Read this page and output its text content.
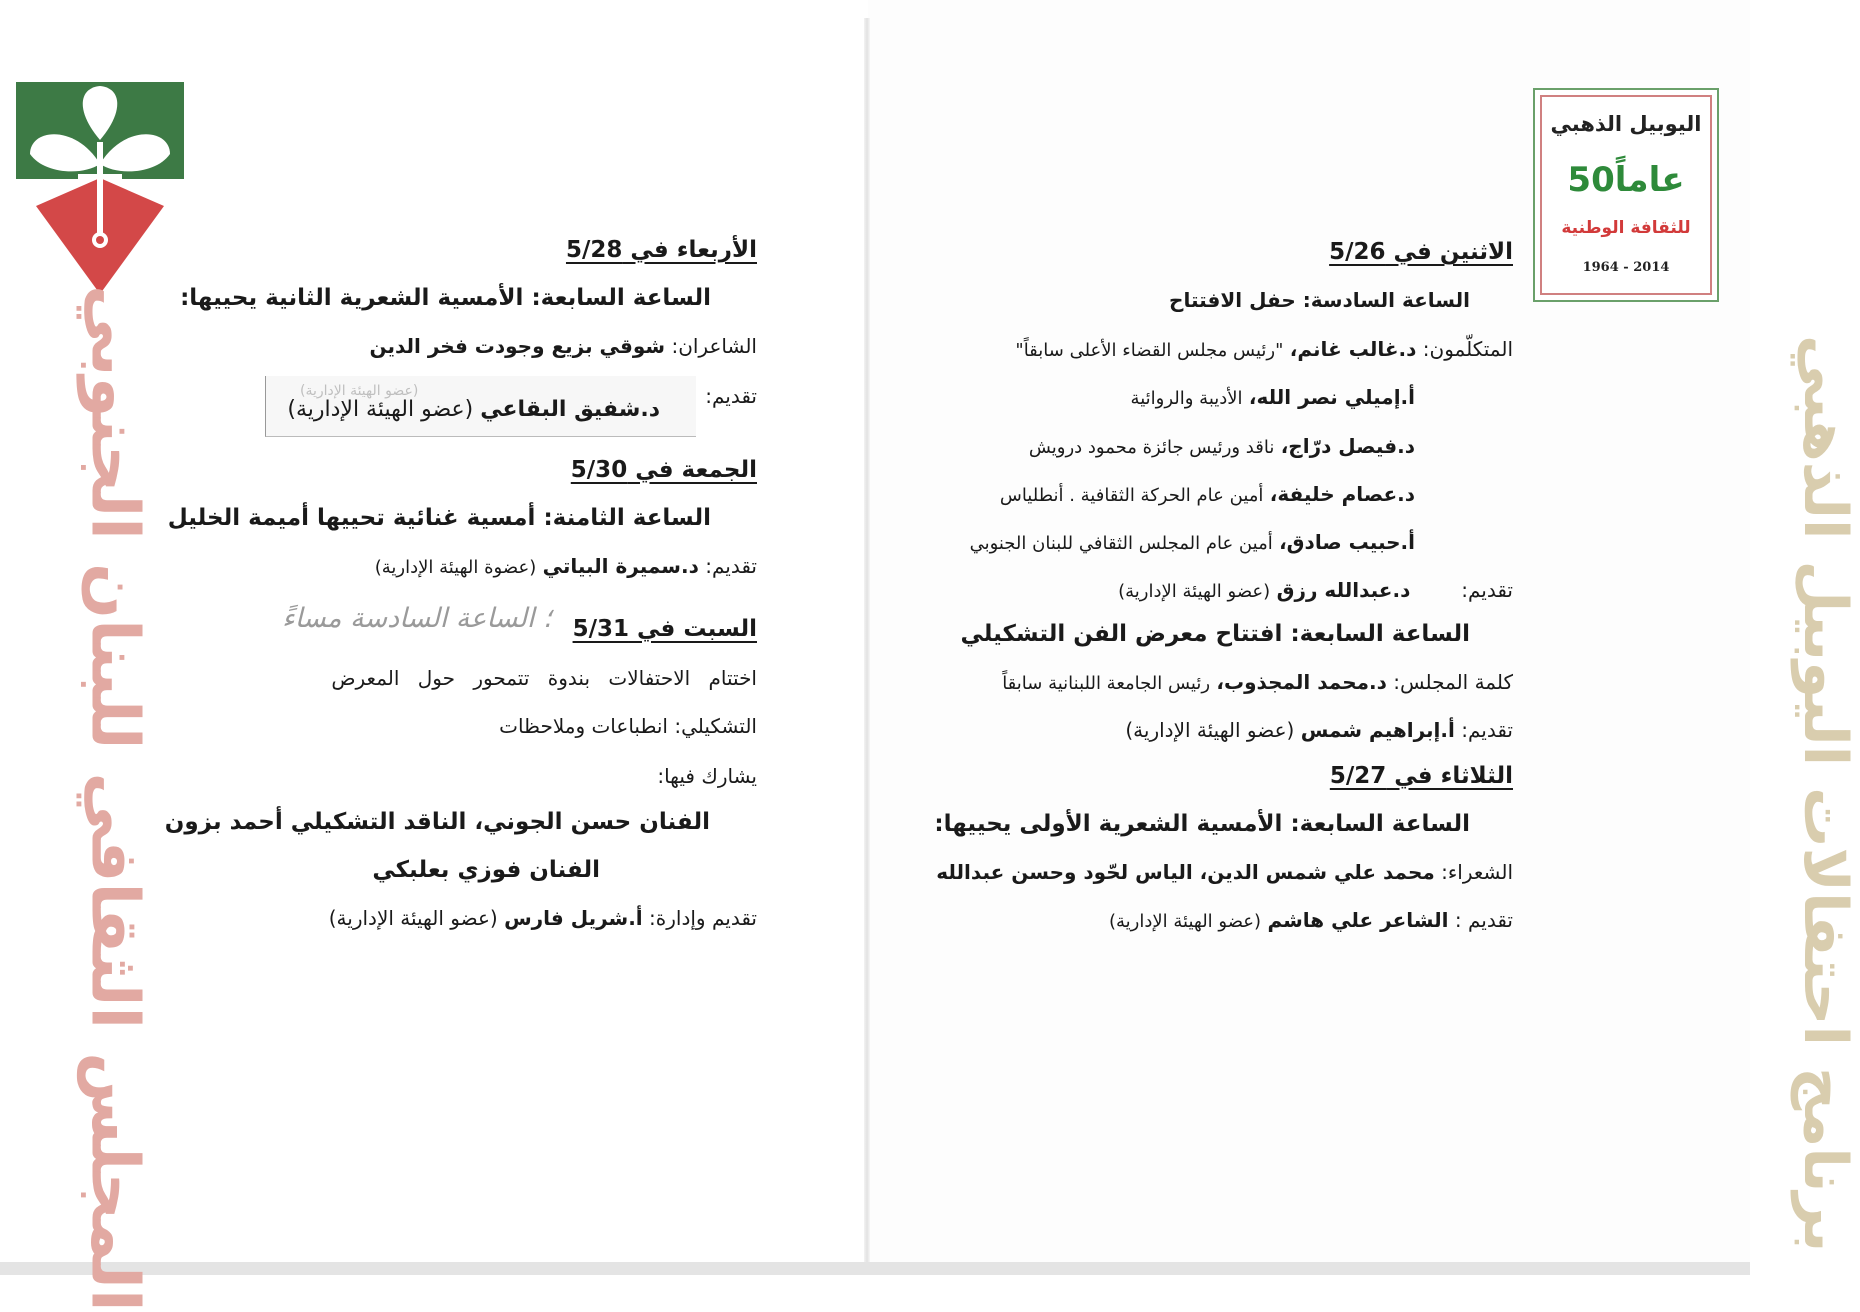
المجلس الثقافي للبنان الجنوبي	برنامج احتفالات اليوبيل الذهبي
اليوبيل الذهبي
50عاماً
للثقافة الوطنية
1964 - 2014
الاثنين في 5/26
الساعة السادسة: حفل الافتتاح
المتكلّمون: د.غالب غانم، "رئيس مجلس القضاء الأعلى سابقاً"
أ.إميلي نصر الله، الأديبة والروائية
د.فيصل درّاج، ناقد ورئيس جائزة محمود درويش
د.عصام خليفة، أمين عام الحركة الثقافية . أنطلياس
أ.حبيب صادق، أمين عام المجلس الثقافي للبنان الجنوبي
تقديم:        د.عبدالله رزق (عضو الهيئة الإدارية)
الساعة السابعة: افتتاح معرض الفن التشكيلي
كلمة المجلس: د.محمد المجذوب، رئيس الجامعة اللبنانية سابقاً
تقديم: أ.إبراهيم شمس (عضو الهيئة الإدارية)
الثلاثاء في 5/27
الساعة السابعة: الأمسية الشعرية الأولى يحييها:
الشعراء: محمد علي شمس الدين، الياس لحّود وحسن عبدالله
تقديم : الشاعر علي هاشم (عضو الهيئة الإدارية)
(عضو الهيئة الإدارية)
الأربعاء في 5/28
الساعة السابعة: الأمسية الشعرية الثانية يحييها:
الشاعران: شوقي بزيع وجودت فخر الدين
تقديم:
د.شفيق البقاعي (عضو الهيئة الإدارية)
الجمعة في 5/30
الساعة الثامنة: أمسية غنائية تحييها أميمة الخليل
تقديم: د.سميرة البياتي (عضوة الهيئة الإدارية)
السبت في 5/31
اختتام الاحتفالات بندوة تتمحور حول المعرض
التشكيلي: انطباعات وملاحظات
يشارك فيها:
الفنان حسن الجوني، الناقد التشكيلي أحمد بزون
الفنان فوزي بعلبكي
تقديم وإدارة: أ.شريل فارس (عضو الهيئة الإدارية)
؛ الساعة السادسة مساءً
